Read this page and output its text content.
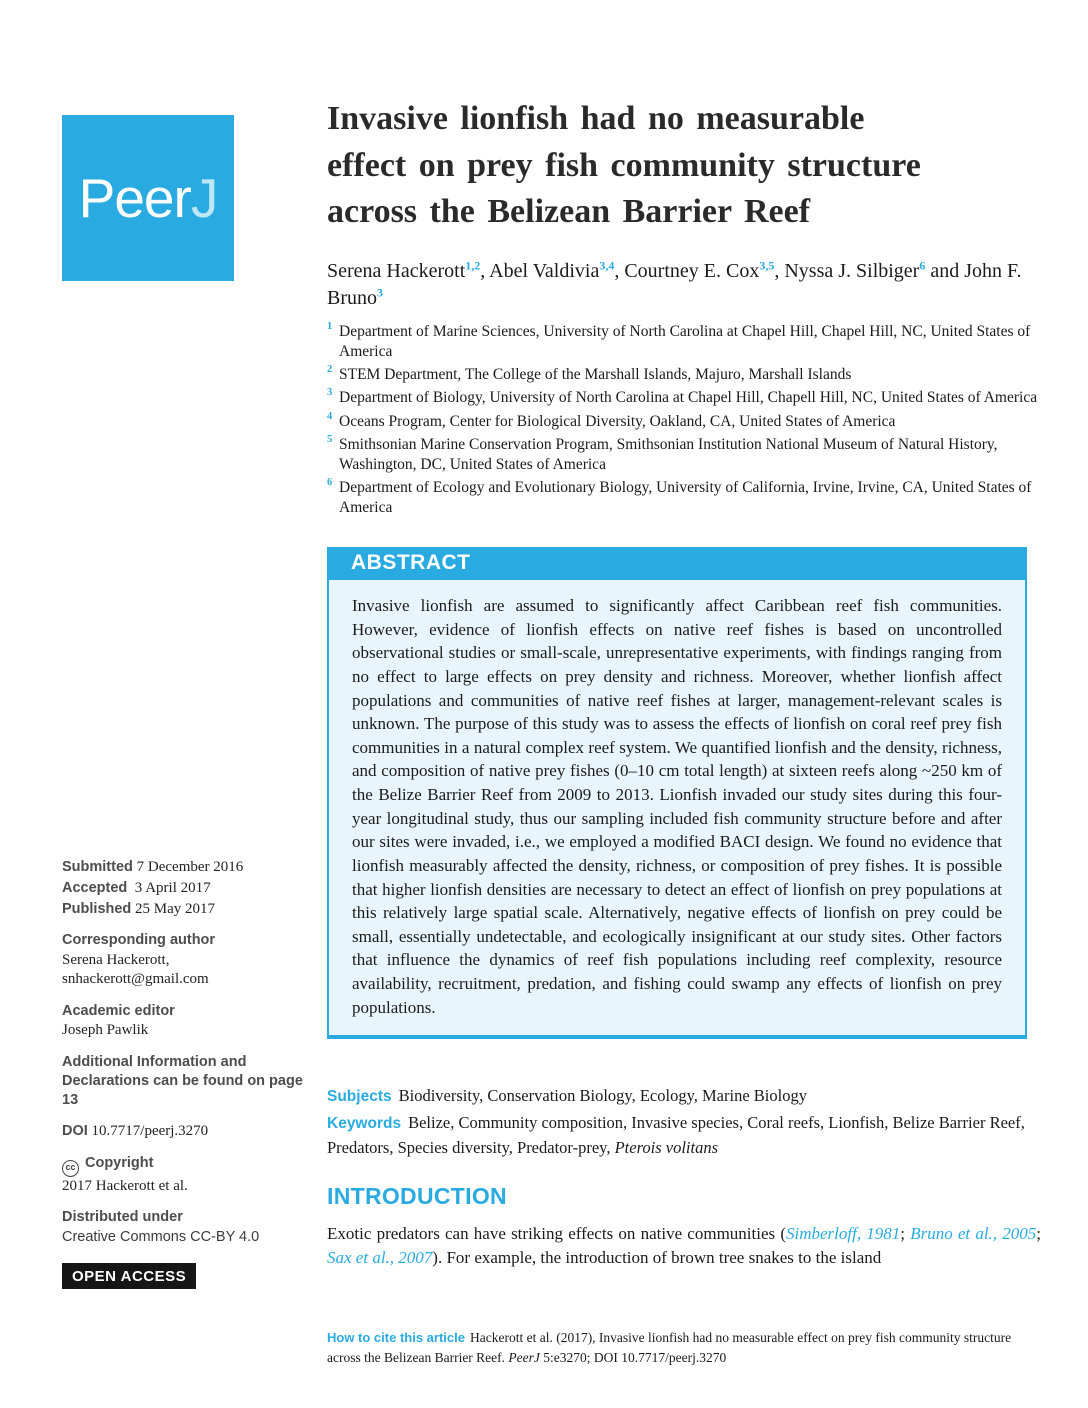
PeerJ
Invasive lionfish had no measurable
effect on prey fish community structure
across the Belizean Barrier Reef
Serena Hackerott$^{1,2}$, Abel Valdivia$^{3,4}$, Courtney E. Cox$^{3,5}$, Nyssa J. Silbiger$^6$ and John F. Bruno$^3$
1 Department of Marine Sciences, University of North Carolina at Chapel Hill, Chapel Hill, NC, United States of America
2 STEM Department, The College of the Marshall Islands, Majuro, Marshall Islands
3 Department of Biology, University of North Carolina at Chapel Hill, Chapell Hill, NC, United States of America
4 Oceans Program, Center for Biological Diversity, Oakland, CA, United States of America
5 Smithsonian Marine Conservation Program, Smithsonian Institution National Museum of Natural History, Washington, DC, United States of America
6 Department of Ecology and Evolutionary Biology, University of California, Irvine, Irvine, CA, United States of America
ABSTRACT
Invasive lionfish are assumed to significantly affect Caribbean reef fish communities. However, evidence of lionfish effects on native reef fishes is based on uncontrolled observational studies or small-scale, unrepresentative experiments, with findings ranging from no effect to large effects on prey density and richness. Moreover, whether lionfish affect populations and communities of native reef fishes at larger, management-relevant scales is unknown. The purpose of this study was to assess the effects of lionfish on coral reef prey fish communities in a natural complex reef system. We quantified lionfish and the density, richness, and composition of native prey fishes (0–10 cm total length) at sixteen reefs along ~250 km of the Belize Barrier Reef from 2009 to 2013. Lionfish invaded our study sites during this four-year longitudinal study, thus our sampling included fish community structure before and after our sites were invaded, i.e., we employed a modified BACI design. We found no evidence that lionfish measurably affected the density, richness, or composition of prey fishes. It is possible that higher lionfish densities are necessary to detect an effect of lionfish on prey populations at this relatively large spatial scale. Alternatively, negative effects of lionfish on prey could be small, essentially undetectable, and ecologically insignificant at our study sites. Other factors that influence the dynamics of reef fish populations including reef complexity, resource availability, recruitment, predation, and fishing could swamp any effects of lionfish on prey populations.
Submitted 7 December 2016
Accepted 3 April 2017
Published 25 May 2017
Corresponding author
Serena Hackerott,
snhackerott@gmail.com
Academic editor
Joseph Pawlik
Additional Information and Declarations can be found on page 13
DOI 10.7717/peerj.3270
cc Copyright
2017 Hackerott et al.
Distributed under
Creative Commons CC-BY 4.0
OPEN ACCESS
Subjects Biodiversity, Conservation Biology, Ecology, Marine Biology
Keywords Belize, Community composition, Invasive species, Coral reefs, Lionfish, Belize Barrier Reef, Predators, Species diversity, Predator-prey, Pterois volitans
INTRODUCTION

Exotic predators can have striking effects on native communities (Simberloff, 1981; Bruno et al., 2005; Sax et al., 2007). For example, the introduction of brown tree snakes to the island

How to cite this article Hackerott et al. (2017), Invasive lionfish had no measurable effect on prey fish community structure across the Belizean Barrier Reef. PeerJ 5:e3270; DOI 10.7717/peerj.3270
